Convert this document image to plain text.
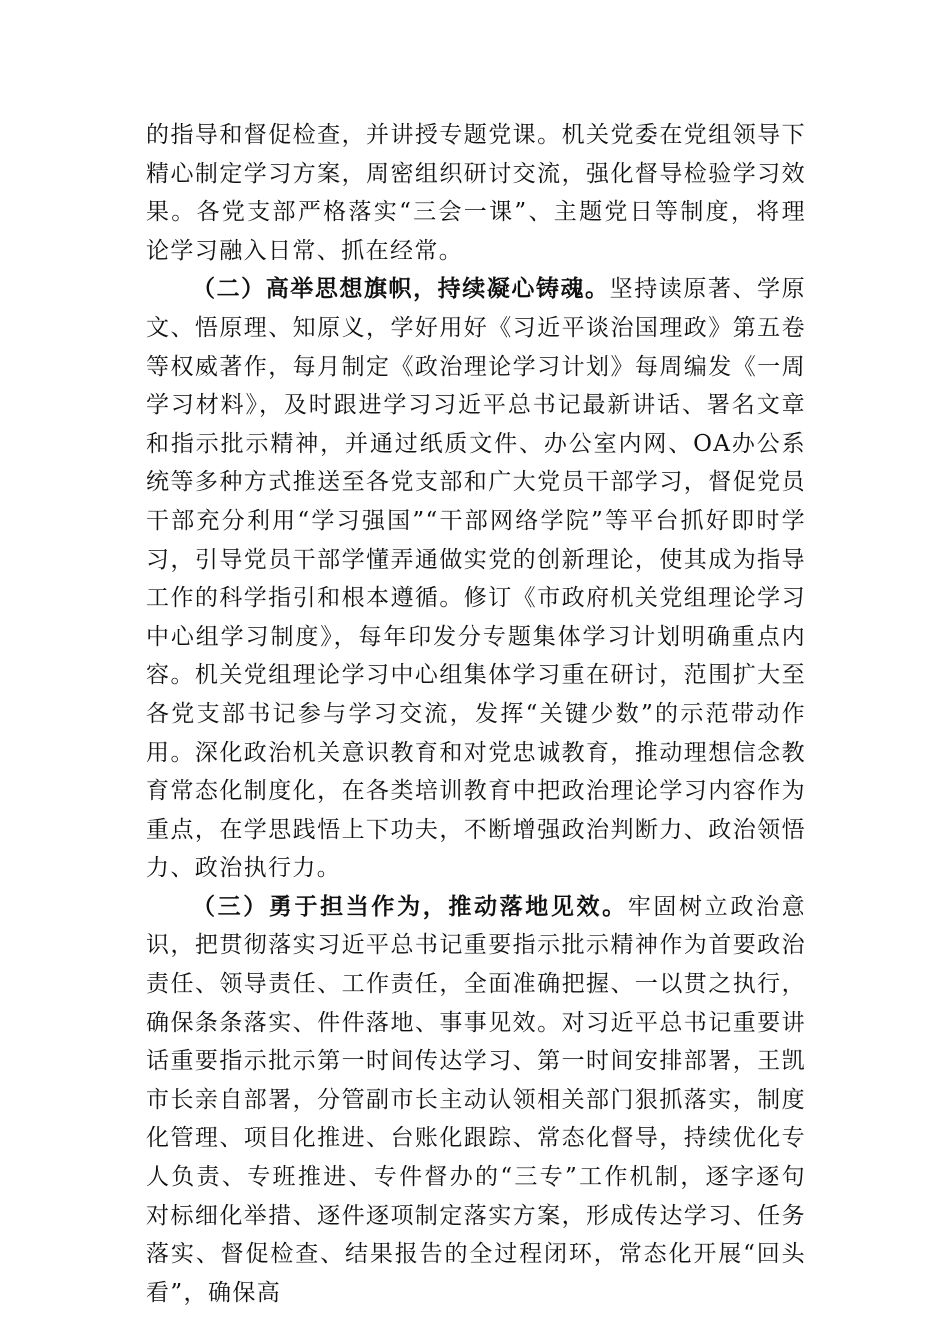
的指导和督促检查，并讲授专题党课。机关党委在党组领导下精心制定学习方案，周密组织研讨交流，强化督导检验学习效果。各党支部严格落实“三会一课”、主题党日等制度，将理论学习融入日常、抓在经常。

（二）高举思想旗帜，持续凝心铸魂。坚持读原著、学原文、悟原理、知原义，学好用好《习近平谈治国理政》第五卷等权威著作，每月制定《政治理论学习计划》每周编发《一周学习材料》，及时跟进学习习近平总书记最新讲话、署名文章和指示批示精神，并通过纸质文件、办公室内网、OA办公系统等多种方式推送至各党支部和广大党员干部学习，督促党员干部充分利用“学习强国”“干部网络学院”等平台抓好即时学习，引导党员干部学懂弄通做实党的创新理论，使其成为指导工作的科学指引和根本遵循。修订《市政府机关党组理论学习中心组学习制度》，每年印发分专题集体学习计划明确重点内容。机关党组理论学习中心组集体学习重在研讨，范围扩大至各党支部书记参与学习交流，发挥“关键少数”的示范带动作用。深化政治机关意识教育和对党忠诚教育，推动理想信念教育常态化制度化，在各类培训教育中把政治理论学习内容作为重点，在学思践悟上下功夫，不断增强政治判断力、政治领悟力、政治执行力。

（三）勇于担当作为，推动落地见效。牢固树立政治意识，把贯彻落实习近平总书记重要指示批示精神作为首要政治责任、领导责任、工作责任，全面准确把握、一以贯之执行，确保条条落实、件件落地、事事见效。对习近平总书记重要讲话重要指示批示第一时间传达学习、第一时间安排部署，王凯市长亲自部署，分管副市长主动认领相关部门狠抓落实，制度化管理、项目化推进、台账化跟踪、常态化督导，持续优化专人负责、专班推进、专件督办的“三专”工作机制，逐字逐句对标细化举措、逐件逐项制定落实方案，形成传达学习、任务落实、督促检查、结果报告的全过程闭环，常态化开展“回头看”，确保高
